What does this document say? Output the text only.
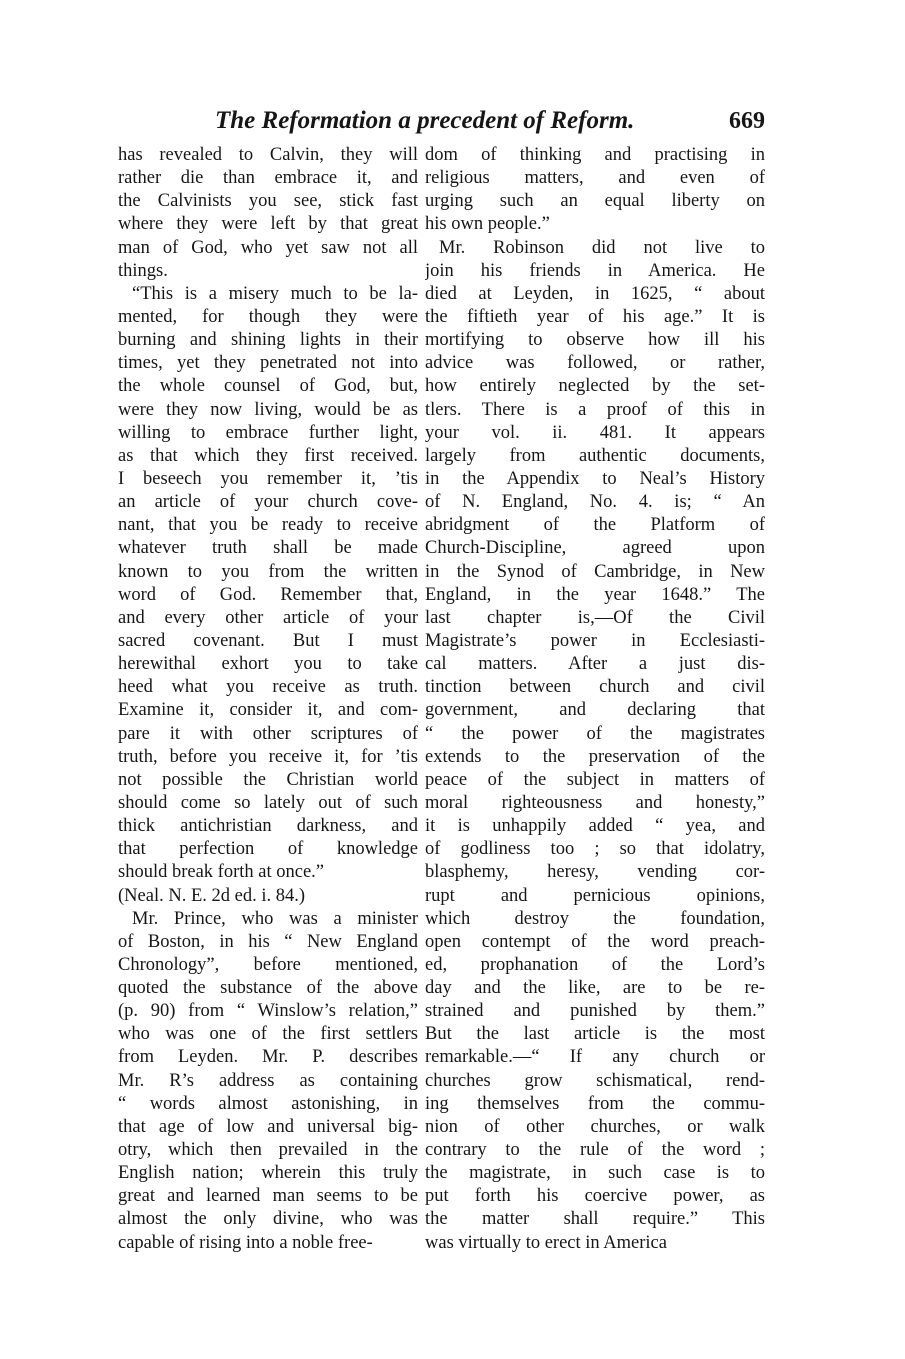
The Reformation a precedent of Reform.	669
has revealed to Calvin, they will
rather die than embrace it, and
the Calvinists you see, stick fast
where they were left by that great
man of God, who yet saw not all
things.
“This is a misery much to be la-
mented, for though they were
burning and shining lights in their
times, yet they penetrated not into
the whole counsel of God, but,
were they now living, would be as
willing to embrace further light,
as that which they first received.
I beseech you remember it, ’tis
an article of your church cove-
nant, that you be ready to receive
whatever truth shall be made
known to you from the written
word of God. Remember that,
and every other article of your
sacred covenant. But I must
herewithal exhort you to take
heed what you receive as truth.
Examine it, consider it, and com-
pare it with other scriptures of
truth, before you receive it, for ’tis
not possible the Christian world
should come so lately out of such
thick antichristian darkness, and
that perfection of knowledge
should break forth at once.”
(Neal. N. E. 2d ed. i. 84.)
Mr. Prince, who was a minister
of Boston, in his “ New England
Chronology”, before mentioned,
quoted the substance of the above
(p. 90) from “ Winslow’s relation,”
who was one of the first settlers
from Leyden. Mr. P. describes
Mr. R’s address as containing
“ words almost astonishing, in
that age of low and universal big-
otry, which then prevailed in the
English nation; wherein this truly
great and learned man seems to be
almost the only divine, who was
capable of rising into a noble free-
dom of thinking and practising in
religious matters, and even of
urging such an equal liberty on
his own people.”
Mr. Robinson did not live to
join his friends in America. He
died at Leyden, in 1625, “ about
the fiftieth year of his age.” It is
mortifying to observe how ill his
advice was followed, or rather,
how entirely neglected by the set-
tlers. There is a proof of this in
your vol. ii. 481. It appears
largely from authentic documents,
in the Appendix to Neal’s History
of N. England, No. 4. is; “ An
abridgment of the Platform of
Church-Discipline, agreed upon
in the Synod of Cambridge, in New
England, in the year 1648.” The
last chapter is,—Of the Civil
Magistrate’s power in Ecclesiasti-
cal matters. After a just dis-
tinction between church and civil
government, and declaring that
“ the power of the magistrates
extends to the preservation of the
peace of the subject in matters of
moral righteousness and honesty,”
it is unhappily added “ yea, and
of godliness too ; so that idolatry,
blasphemy, heresy, vending cor-
rupt and pernicious opinions,
which destroy the foundation,
open contempt of the word preach-
ed, prophanation of the Lord’s
day and the like, are to be re-
strained and punished by them.”
But the last article is the most
remarkable.—“ If any church or
churches grow schismatical, rend-
ing themselves from the commu-
nion of other churches, or walk
contrary to the rule of the word ;
the magistrate, in such case is to
put forth his coercive power, as
the matter shall require.” This
was virtually to erect in America
